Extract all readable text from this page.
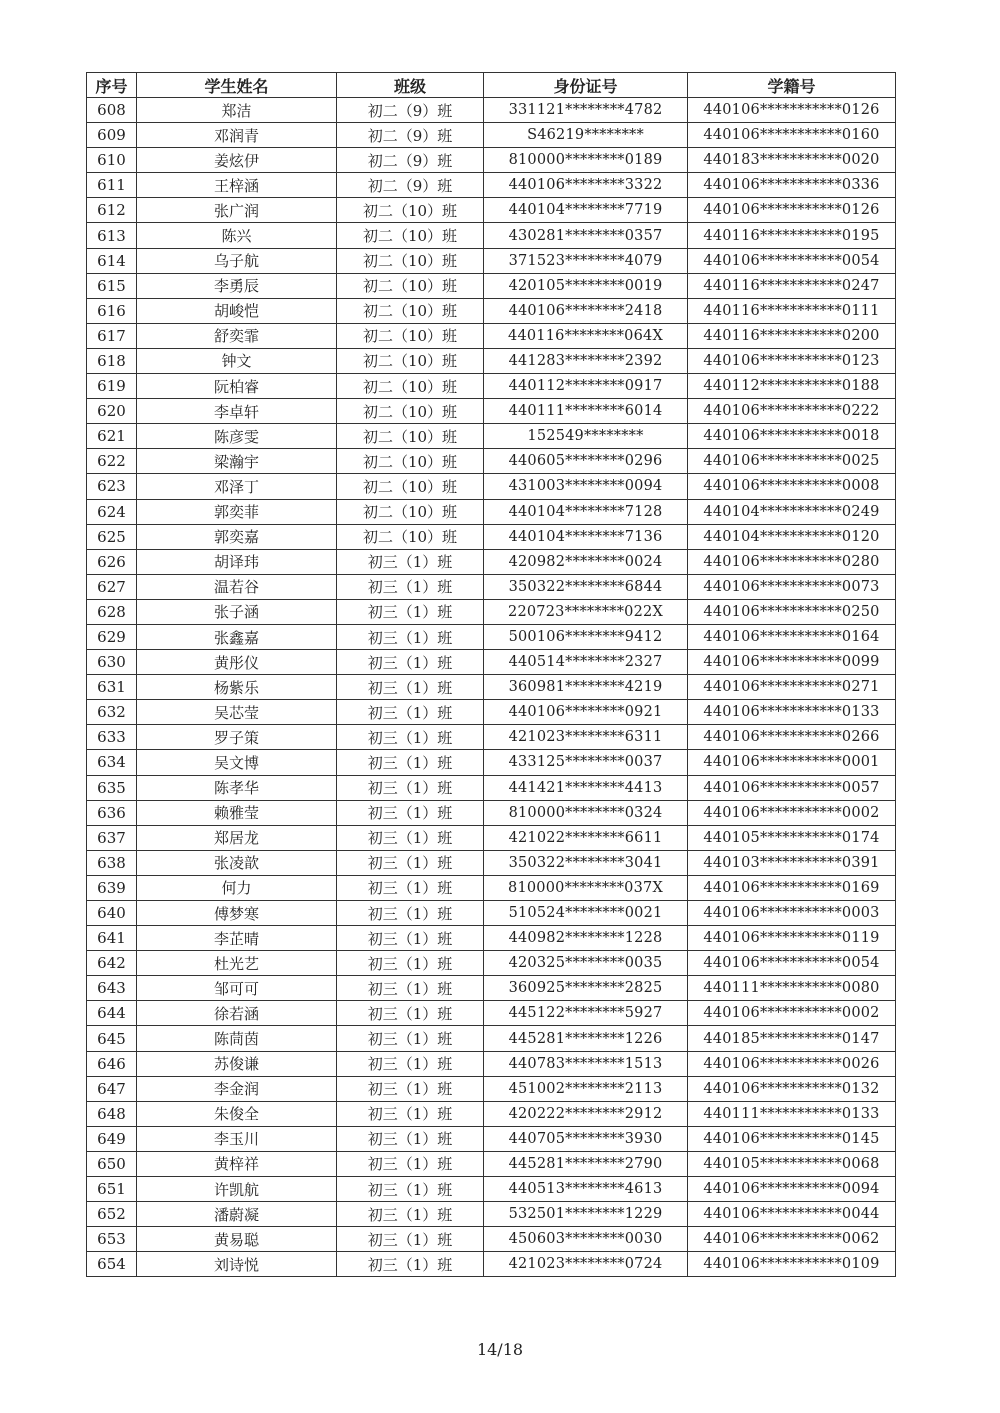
序号	学生姓名	班级	身份证号	学籍号
608	郑洁	初二（9）班	331121********4782	440106***********0126
609	邓润青	初二（9）班	S46219********	440106***********0160
610	姜炫伊	初二（9）班	810000********0189	440183***********0020
611	王梓涵	初二（9）班	440106********3322	440106***********0336
612	张广润	初二（10）班	440104********7719	440106***********0126
613	陈兴	初二（10）班	430281********0357	440116***********0195
614	乌子航	初二（10）班	371523********4079	440106***********0054
615	李勇辰	初二（10）班	420105********0019	440116***********0247
616	胡峻恺	初二（10）班	440106********2418	440116***********0111
617	舒奕霏	初二（10）班	440116********064X	440116***********0200
618	钟文	初二（10）班	441283********2392	440106***********0123
619	阮柏睿	初二（10）班	440112********0917	440112***********0188
620	李卓轩	初二（10）班	440111********6014	440106***********0222
621	陈彦雯	初二（10）班	152549********	440106***********0018
622	梁瀚宇	初二（10）班	440605********0296	440106***********0025
623	邓泽丁	初二（10）班	431003********0094	440106***********0008
624	郭奕菲	初二（10）班	440104********7128	440104***********0249
625	郭奕嘉	初二（10）班	440104********7136	440104***********0120
626	胡译玮	初三（1）班	420982********0024	440106***********0280
627	温若谷	初三（1）班	350322********6844	440106***********0073
628	张子涵	初三（1）班	220723********022X	440106***********0250
629	张鑫嘉	初三（1）班	500106********9412	440106***********0164
630	黄彤仪	初三（1）班	440514********2327	440106***********0099
631	杨紫乐	初三（1）班	360981********4219	440106***********0271
632	吴芯莹	初三（1）班	440106********0921	440106***********0133
633	罗子策	初三（1）班	421023********6311	440106***********0266
634	吴文博	初三（1）班	433125********0037	440106***********0001
635	陈孝华	初三（1）班	441421********4413	440106***********0057
636	赖雅莹	初三（1）班	810000********0324	440106***********0002
637	郑居龙	初三（1）班	421022********6611	440105***********0174
638	张凌歆	初三（1）班	350322********3041	440103***********0391
639	何力	初三（1）班	810000********037X	440106***********0169
640	傅梦寒	初三（1）班	510524********0021	440106***********0003
641	李芷晴	初三（1）班	440982********1228	440106***********0119
642	杜光艺	初三（1）班	420325********0035	440106***********0054
643	邹可可	初三（1）班	360925********2825	440111***********0080
644	徐若涵	初三（1）班	445122********5927	440106***********0002
645	陈茼茵	初三（1）班	445281********1226	440185***********0147
646	苏俊谦	初三（1）班	440783********1513	440106***********0026
647	李金润	初三（1）班	451002********2113	440106***********0132
648	朱俊全	初三（1）班	420222********2912	440111***********0133
649	李玉川	初三（1）班	440705********3930	440106***********0145
650	黄梓祥	初三（1）班	445281********2790	440105***********0068
651	许凯航	初三（1）班	440513********4613	440106***********0094
652	潘蔚凝	初三（1）班	532501********1229	440106***********0044
653	黄易聪	初三（1）班	450603********0030	440106***********0062
654	刘诗悦	初三（1）班	421023********0724	440106***********0109
14/18
